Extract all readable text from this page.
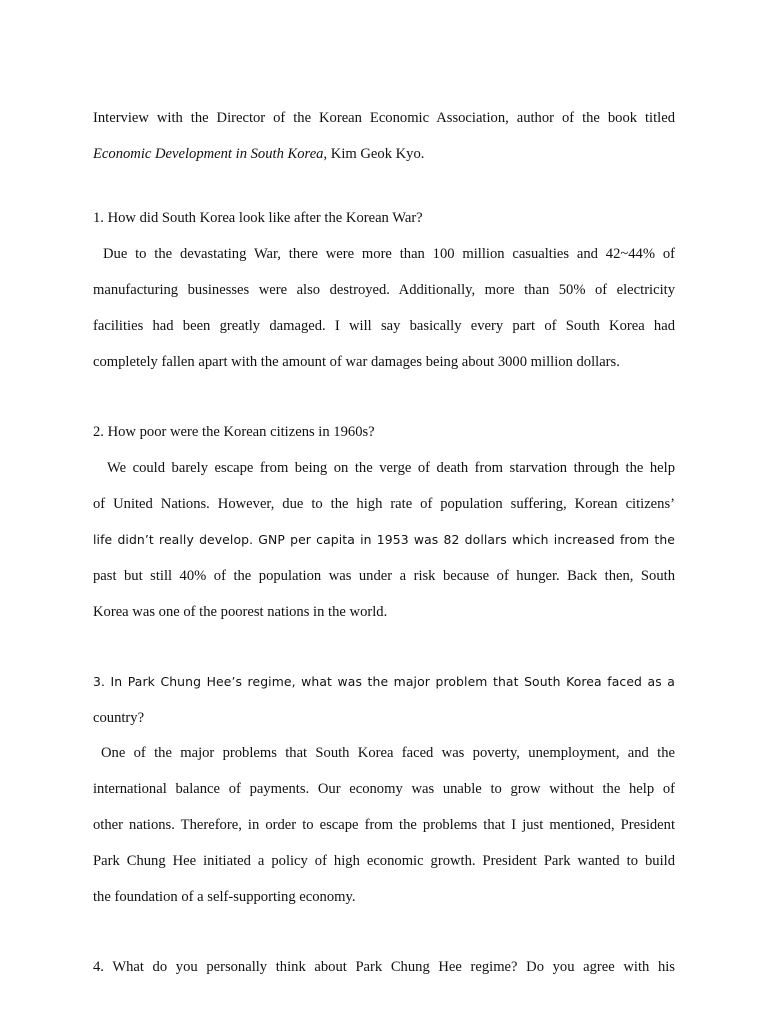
Interview with the Director of the Korean Economic Association, author of the book titled
Economic Development in South Korea, Kim Geok Kyo.
1. How did South Korea look like after the Korean War?
Due to the devastating War, there were more than 100 million casualties and 42~44% of
manufacturing businesses were also destroyed. Additionally, more than 50% of electricity
facilities had been greatly damaged. I will say basically every part of South Korea had
completely fallen apart with the amount of war damages being about 3000 million dollars.
2. How poor were the Korean citizens in 1960s?
We could barely escape from being on the verge of death from starvation through the help
of United Nations. However, due to the high rate of population suffering, Korean citizens’
life didn’t really develop. GNP per capita in 1953 was 82 dollars which increased from the
past but still 40% of the population was under a risk because of hunger. Back then, South
Korea was one of the poorest nations in the world.
3. In Park Chung Hee’s regime, what was the major problem that South Korea faced as a
country?
One of the major problems that South Korea faced was poverty, unemployment, and the
international balance of payments. Our economy was unable to grow without the help of
other nations. Therefore, in order to escape from the problems that I just mentioned, President
Park Chung Hee initiated a policy of high economic growth. President Park wanted to build
the foundation of a self-supporting economy.
4. What do you personally think about Park Chung Hee regime? Do you agree with his
